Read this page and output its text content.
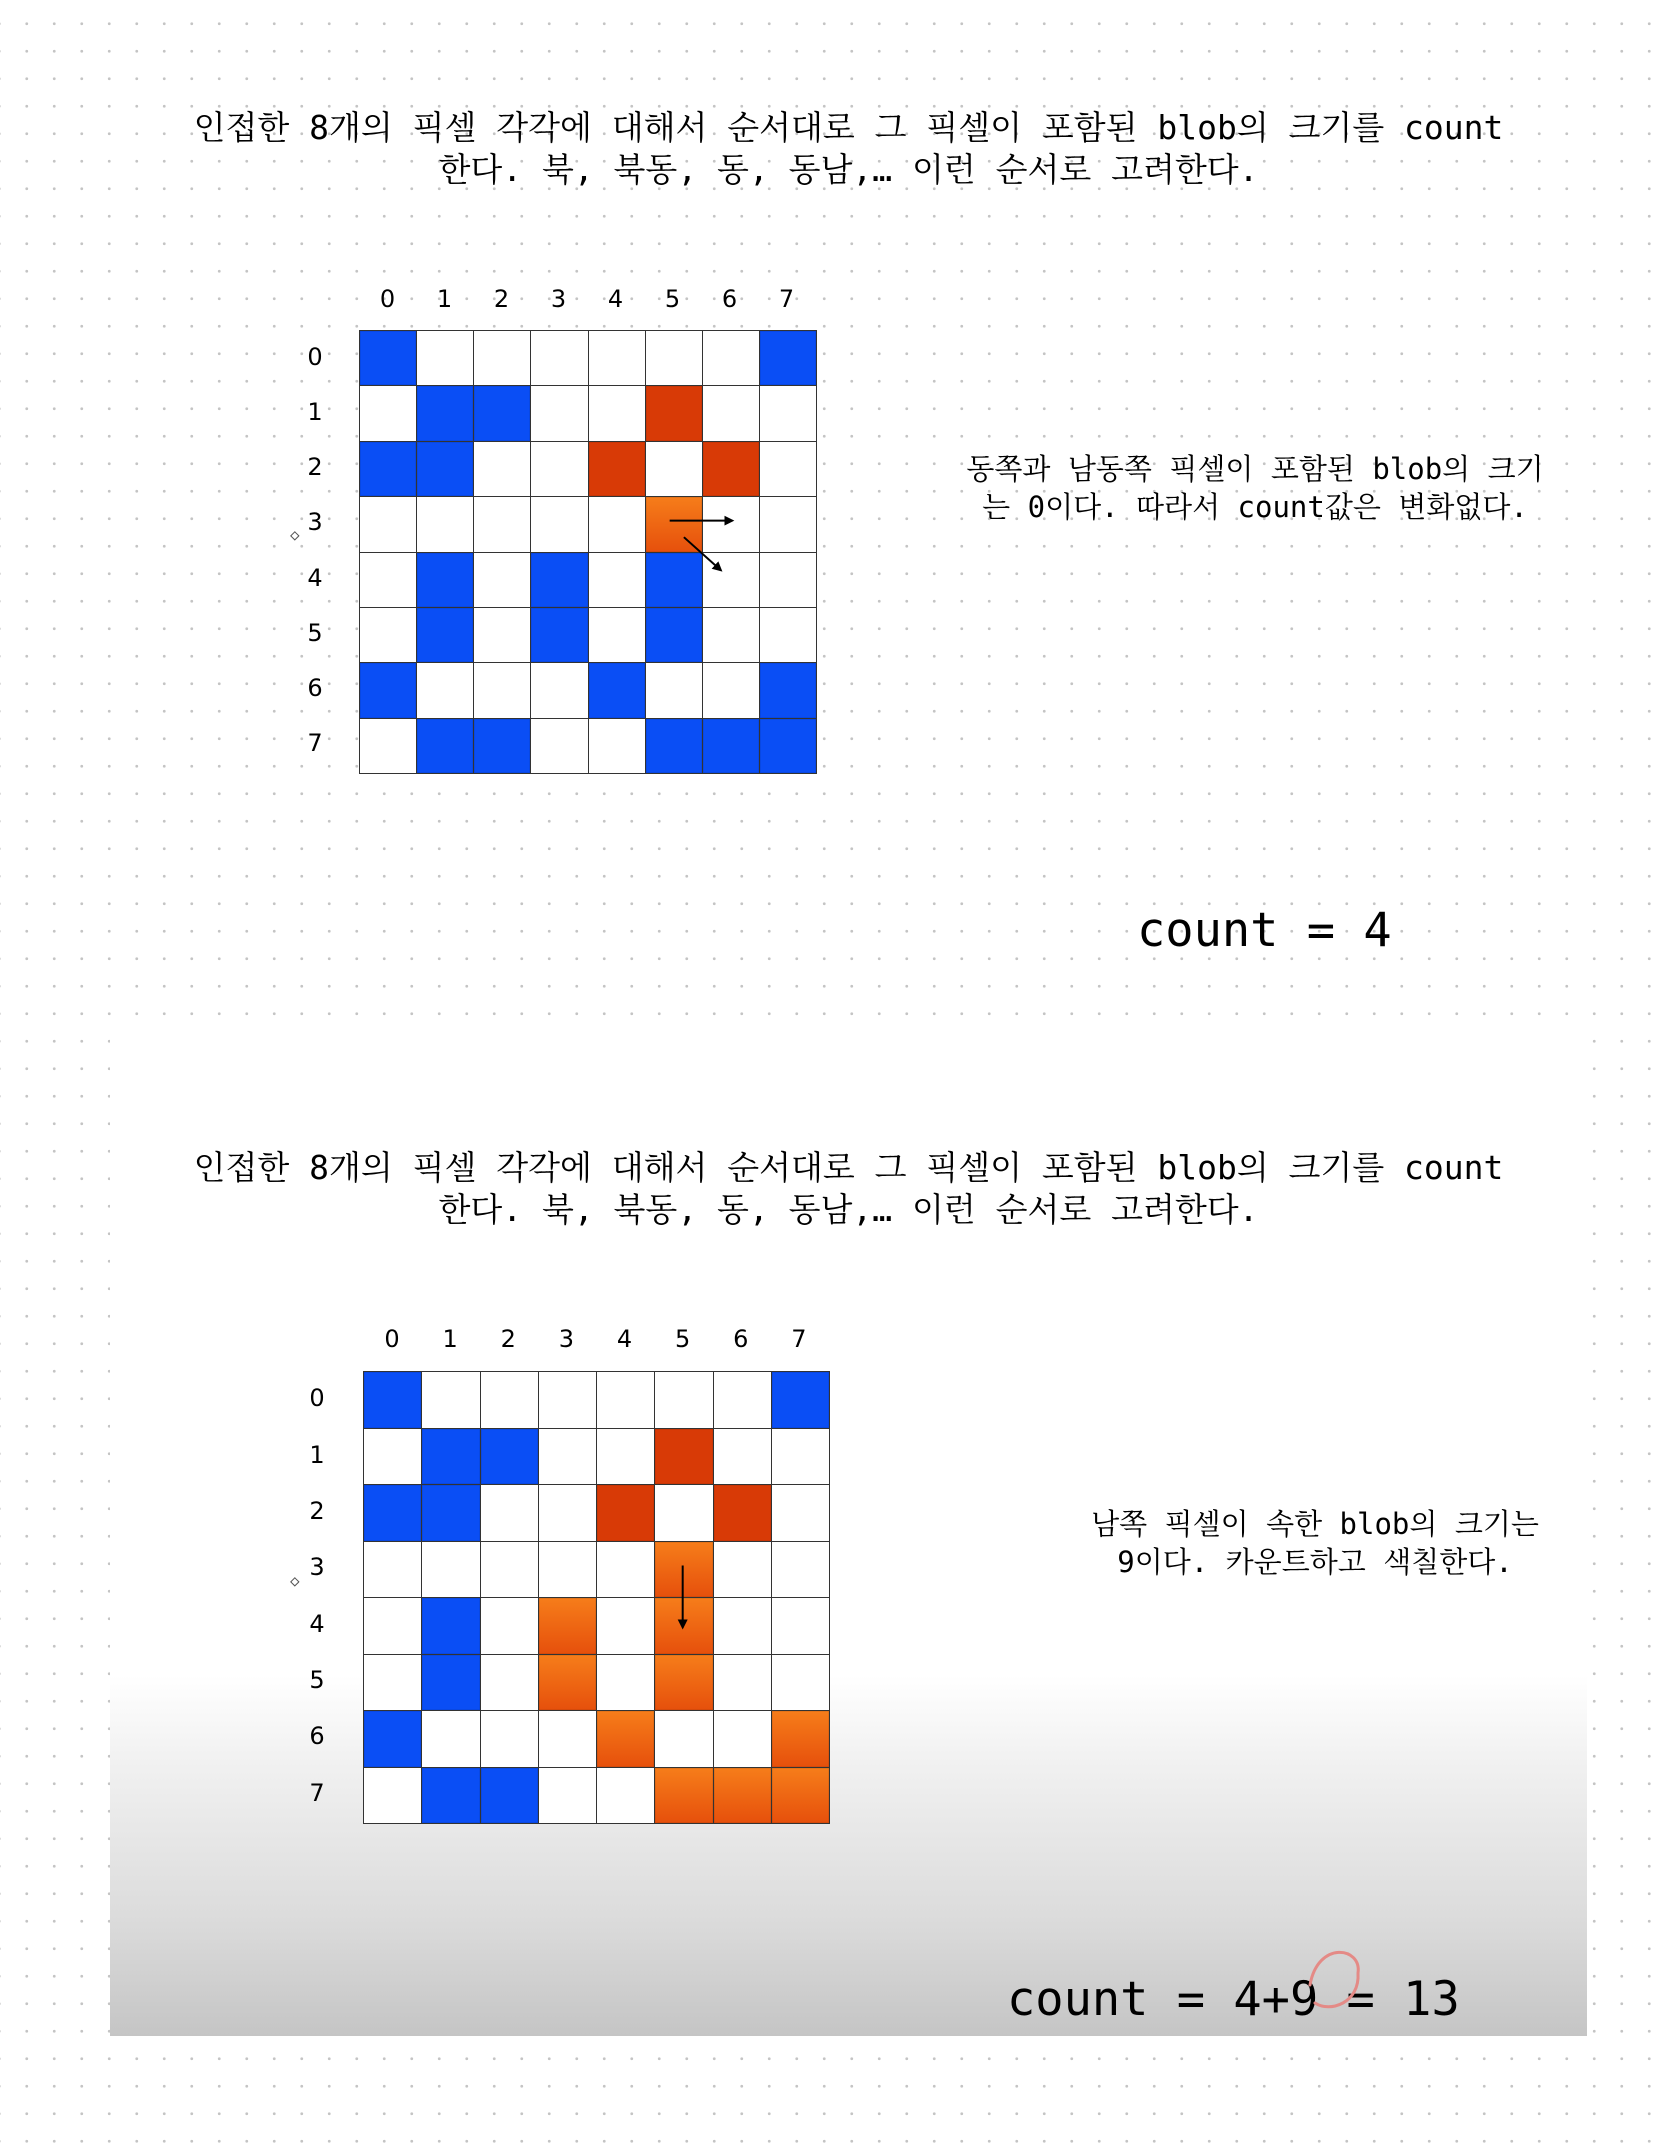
인접한 8개의 픽셀 각각에 대해서 순서대로 그 픽셀이 포함된 blob의 크기를 count
한다. 북, 북동, 동, 동남,… 이런 순서로 고려한다.
0	1	2	3	4	5	6	7
0
1
2
3
4
5
6
7
◇
동쪽과 남동쪽 픽셀이 포함된 blob의 크기
는 0이다. 따라서 count값은 변화없다.
count = 4
인접한 8개의 픽셀 각각에 대해서 순서대로 그 픽셀이 포함된 blob의 크기를 count
한다. 북, 북동, 동, 동남,… 이런 순서로 고려한다.
0	1	2	3	4	5	6	7
0
1
2
3
4
5
6
7
◇
남쪽 픽셀이 속한 blob의 크기는
9이다. 카운트하고 색칠한다.
count = 4+9 = 13
